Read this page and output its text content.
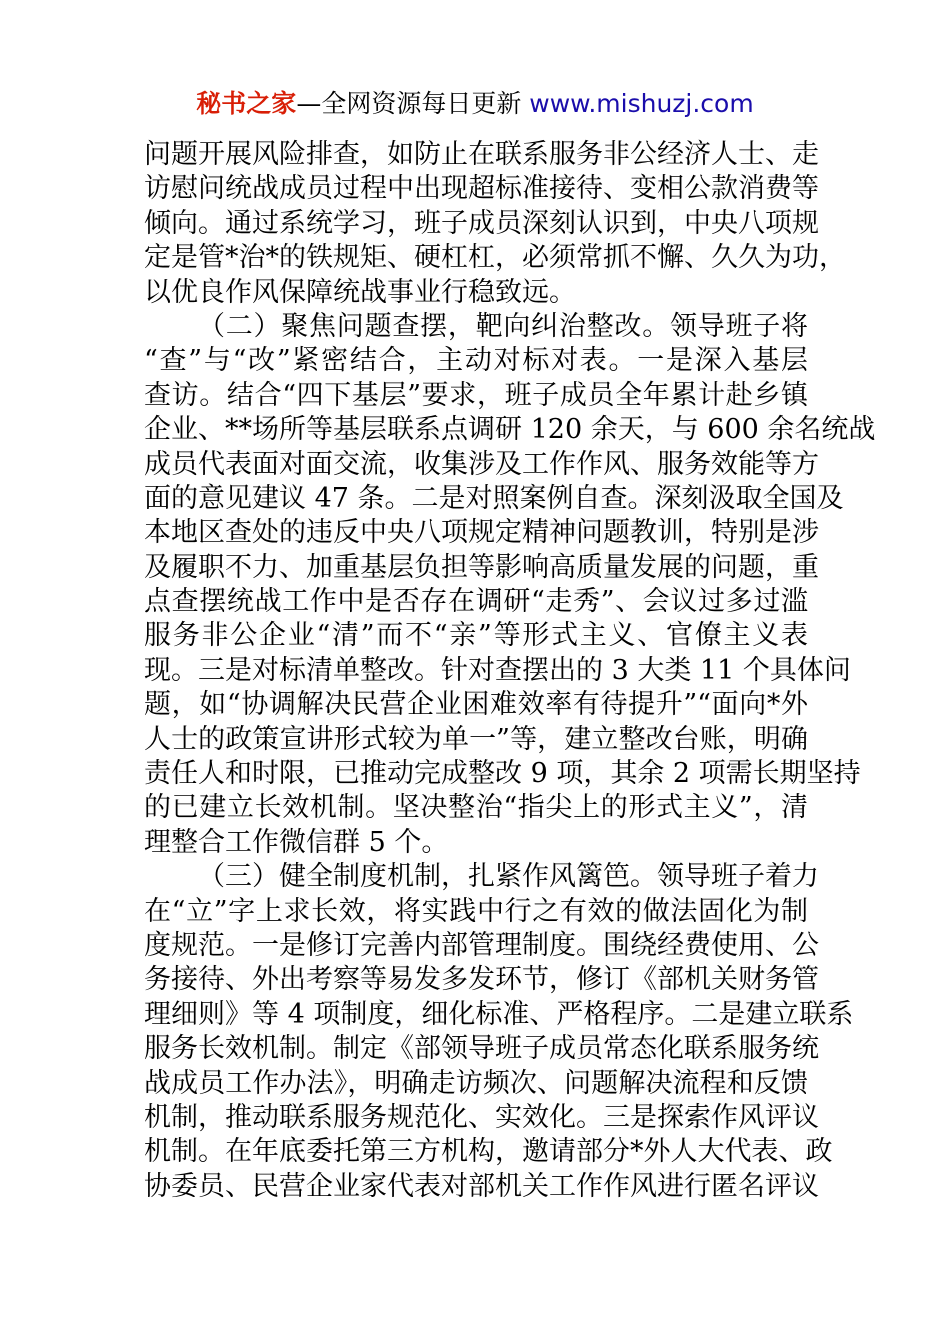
秘书之家—全网资源每日更新 www.mishuzj.com
问题开展风险排查，如防止在联系服务非公经济人士、走
访慰问统战成员过程中出现超标准接待、变相公款消费等
倾向。通过系统学习，班子成员深刻认识到，中央八项规
定是管*治*的铁规矩、硬杠杠，必须常抓不懈、久久为功，
以优良作风保障统战事业行稳致远。
（二）聚焦问题查摆，靶向纠治整改。领导班子将
“查”与“改”紧密结合，主动对标对表。一是深入基层
查访。结合“四下基层”要求，班子成员全年累计赴乡镇
企业、**场所等基层联系点调研 120 余天，与 600 余名统战
成员代表面对面交流，收集涉及工作作风、服务效能等方
面的意见建议 47 条。二是对照案例自查。深刻汲取全国及
本地区查处的违反中央八项规定精神问题教训，特别是涉
及履职不力、加重基层负担等影响高质量发展的问题，重
点查摆统战工作中是否存在调研“走秀”、会议过多过滥
服务非公企业“清”而不“亲”等形式主义、官僚主义表
现。三是对标清单整改。针对查摆出的 3 大类 11 个具体问
题，如“协调解决民营企业困难效率有待提升”“面向*外
人士的政策宣讲形式较为单一”等，建立整改台账，明确
责任人和时限，已推动完成整改 9 项，其余 2 项需长期坚持
的已建立长效机制。坚决整治“指尖上的形式主义”，清
理整合工作微信群 5 个。
（三）健全制度机制，扎紧作风篱笆。领导班子着力
在“立”字上求长效，将实践中行之有效的做法固化为制
度规范。一是修订完善内部管理制度。围绕经费使用、公
务接待、外出考察等易发多发环节，修订《部机关财务管
理细则》等 4 项制度，细化标准、严格程序。二是建立联系
服务长效机制。制定《部领导班子成员常态化联系服务统
战成员工作办法》，明确走访频次、问题解决流程和反馈
机制，推动联系服务规范化、实效化。三是探索作风评议
机制。在年底委托第三方机构，邀请部分*外人大代表、政
协委员、民营企业家代表对部机关工作作风进行匿名评议
